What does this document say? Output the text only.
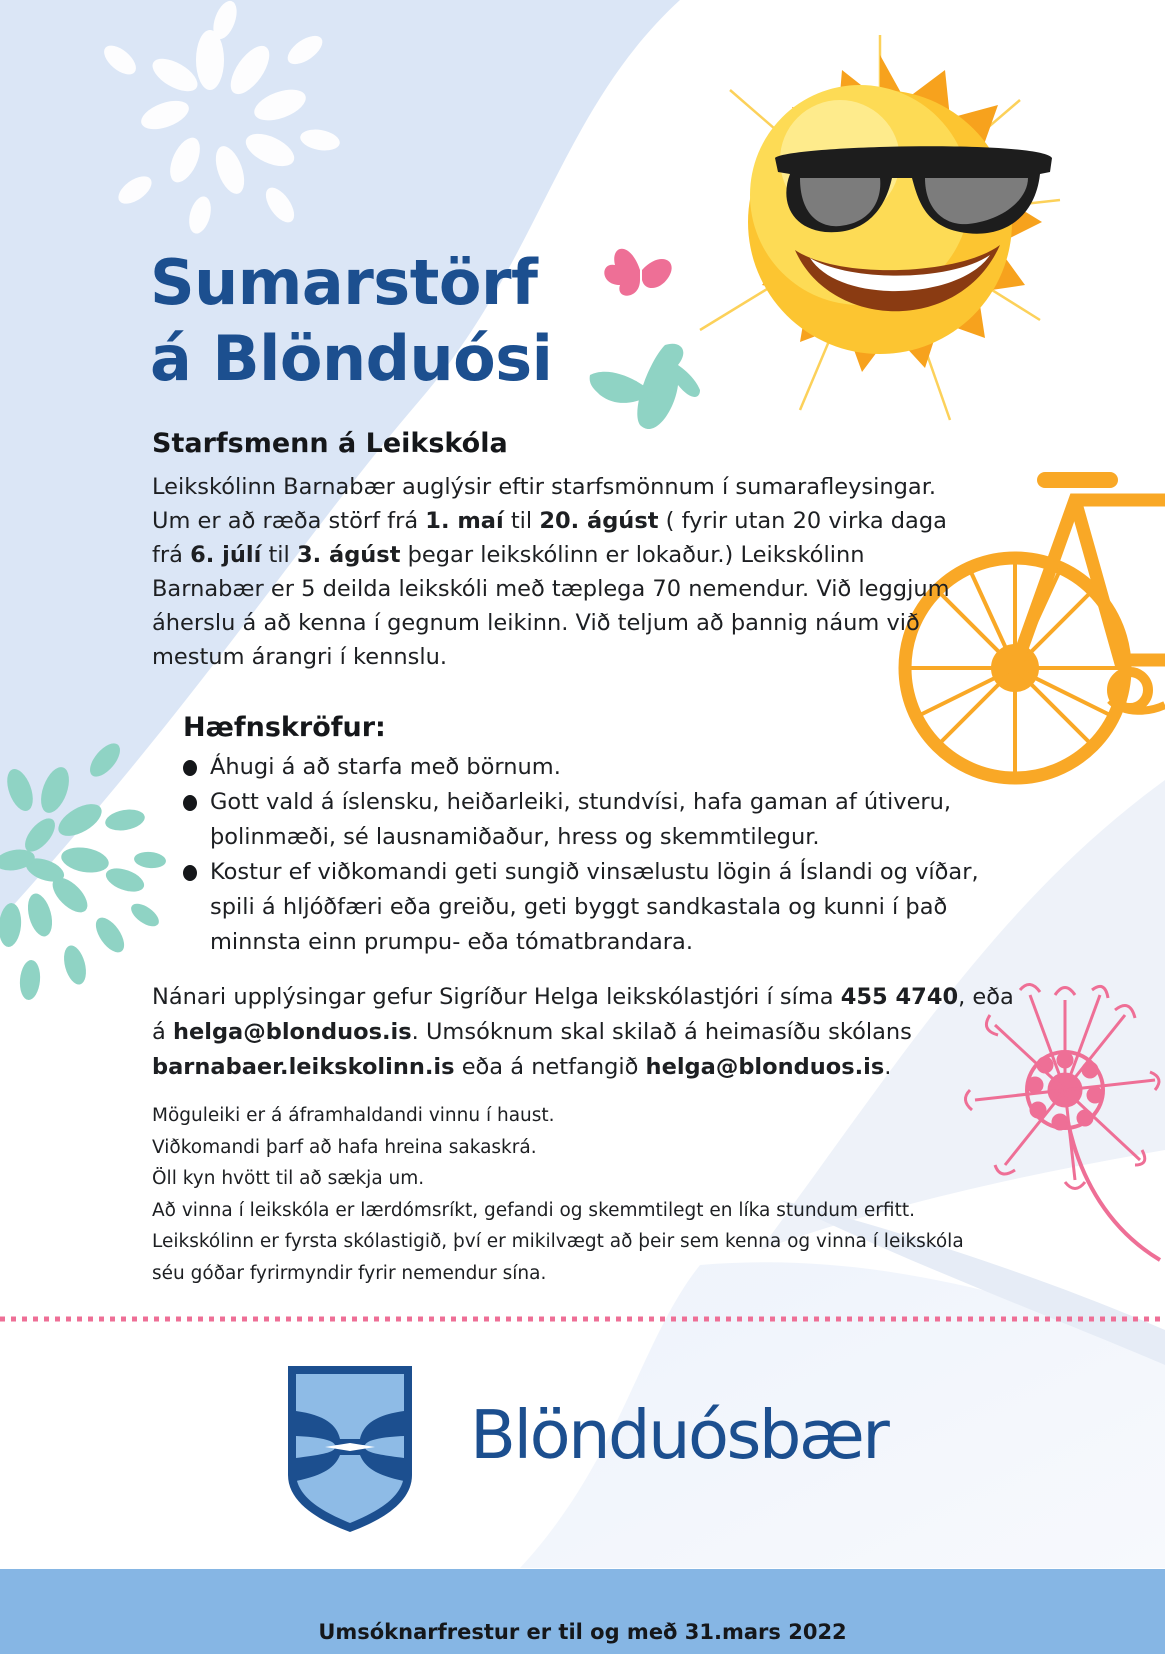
Sumarstörf
á Blönduósi
Starfsmenn á Leikskóla

Leikskólinn Barnabær auglýsir eftir starfsmönnum í sumarafleysingar. Um er að ræða störf frá 1. maí til 20. ágúst ( fyrir utan 20 virka daga frá 6. júlí til 3. ágúst þegar leikskólinn er lokaður.) Leikskólinn Barnabær er 5 deilda leikskóli með tæplega 70 nemendur. Við leggjum áherslu á að kenna í gegnum leikinn. Við teljum að þannig náum við mestum árangri í kennslu.

Hæfnskröfur:
Áhugi á að starfa með börnum.
Gott vald á íslensku, heiðarleiki, stundvísi, hafa gaman af útiveru, þolinmæði, sé lausnamiðaður, hress og skemmtilegur.
Kostur ef viðkomandi geti sungið vinsælustu lögin á Íslandi og víðar, spili á hljóðfæri eða greiðu, geti byggt sandkastala og kunni í það minnsta einn prumpu- eða tómatbrandara.

Nánari upplýsingar gefur Sigríður Helga leikskólastjóri í síma 455 4740, eða á helga@blonduos.is. Umsóknum skal skilað á heimasíðu skólans barnabaer.leikskolinn.is eða á netfangið helga@blonduos.is.

Möguleiki er á áframhaldandi vinnu í haust.
Viðkomandi þarf að hafa hreina sakaskrá.
Öll kyn hvött til að sækja um.
Að vinna í leikskóla er lærdómsríkt, gefandi og skemmtilegt en líka stundum erfitt.
Leikskólinn er fyrsta skólastigið, því er mikilvægt að þeir sem kenna og vinna í leikskóla
séu góðar fyrirmyndir fyrir nemendur sína.

Blönduósbær
Umsóknarfrestur er til og með 31.mars 2022
